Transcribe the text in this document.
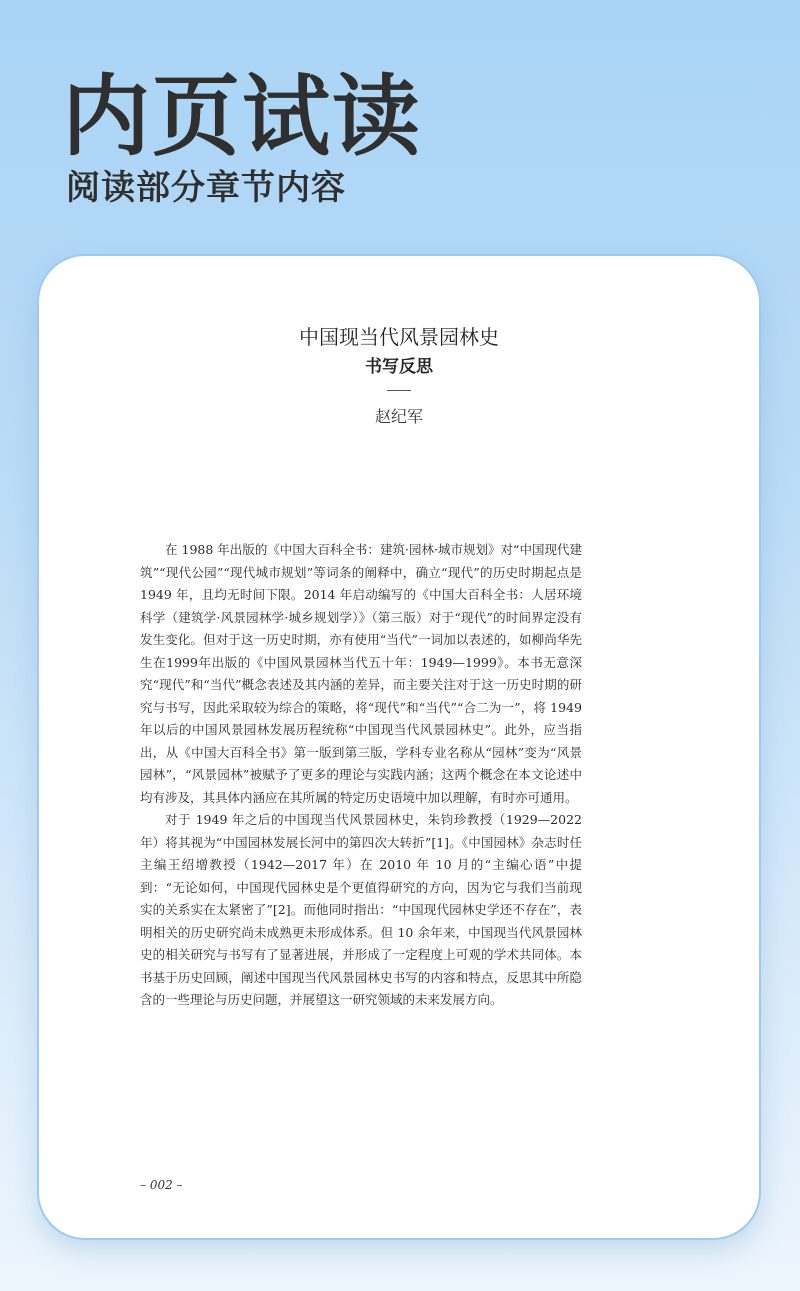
内页试读
阅读部分章节内容
中国现当代风景园林史
书写反思
赵纪军

在 1988 年出版的《中国大百科全书：建筑·园林·城市规划》对“中国现代建筑”“现代公园”“现代城市规划”等词条的阐释中，确立“现代”的历史时期起点是 1949 年，且均无时间下限。2014 年启动编写的《中国大百科全书：人居环境科学（建筑学·风景园林学·城乡规划学）》（第三版）对于“现代”的时间界定没有发生变化。但对于这一历史时期，亦有使用“当代”一词加以表述的，如柳尚华先生在1999年出版的《中国风景园林当代五十年：1949—1999》。本书无意深究“现代”和“当代”概念表述及其内涵的差异，而主要关注对于这一历史时期的研究与书写，因此采取较为综合的策略，将“现代”和“当代”“合二为一”，将 1949 年以后的中国风景园林发展历程统称“中国现当代风景园林史”。此外，应当指出，从《中国大百科全书》第一版到第三版，学科专业名称从“园林”变为“风景园林”，“风景园林”被赋予了更多的理论与实践内涵；这两个概念在本文论述中均有涉及，其具体内涵应在其所属的特定历史语境中加以理解，有时亦可通用。

对于 1949 年之后的中国现当代风景园林史，朱钧珍教授（1929—2022 年）将其视为“中国园林发展长河中的第四次大转折”[1]。《中国园林》杂志时任主编王绍增教授（1942—2017 年）在 2010 年 10 月的“主编心语”中提到：“无论如何，中国现代园林史是个更值得研究的方向，因为它与我们当前现实的关系实在太紧密了”[2]。而他同时指出：“中国现代园林史学还不存在”，表明相关的历史研究尚未成熟更未形成体系。但 10 余年来，中国现当代风景园林史的相关研究与书写有了显著进展，并形成了一定程度上可观的学术共同体。本书基于历史回顾，阐述中国现当代风景园林史书写的内容和特点，反思其中所隐含的一些理论与历史问题，并展望这一研究领域的未来发展方向。

– 002 –
